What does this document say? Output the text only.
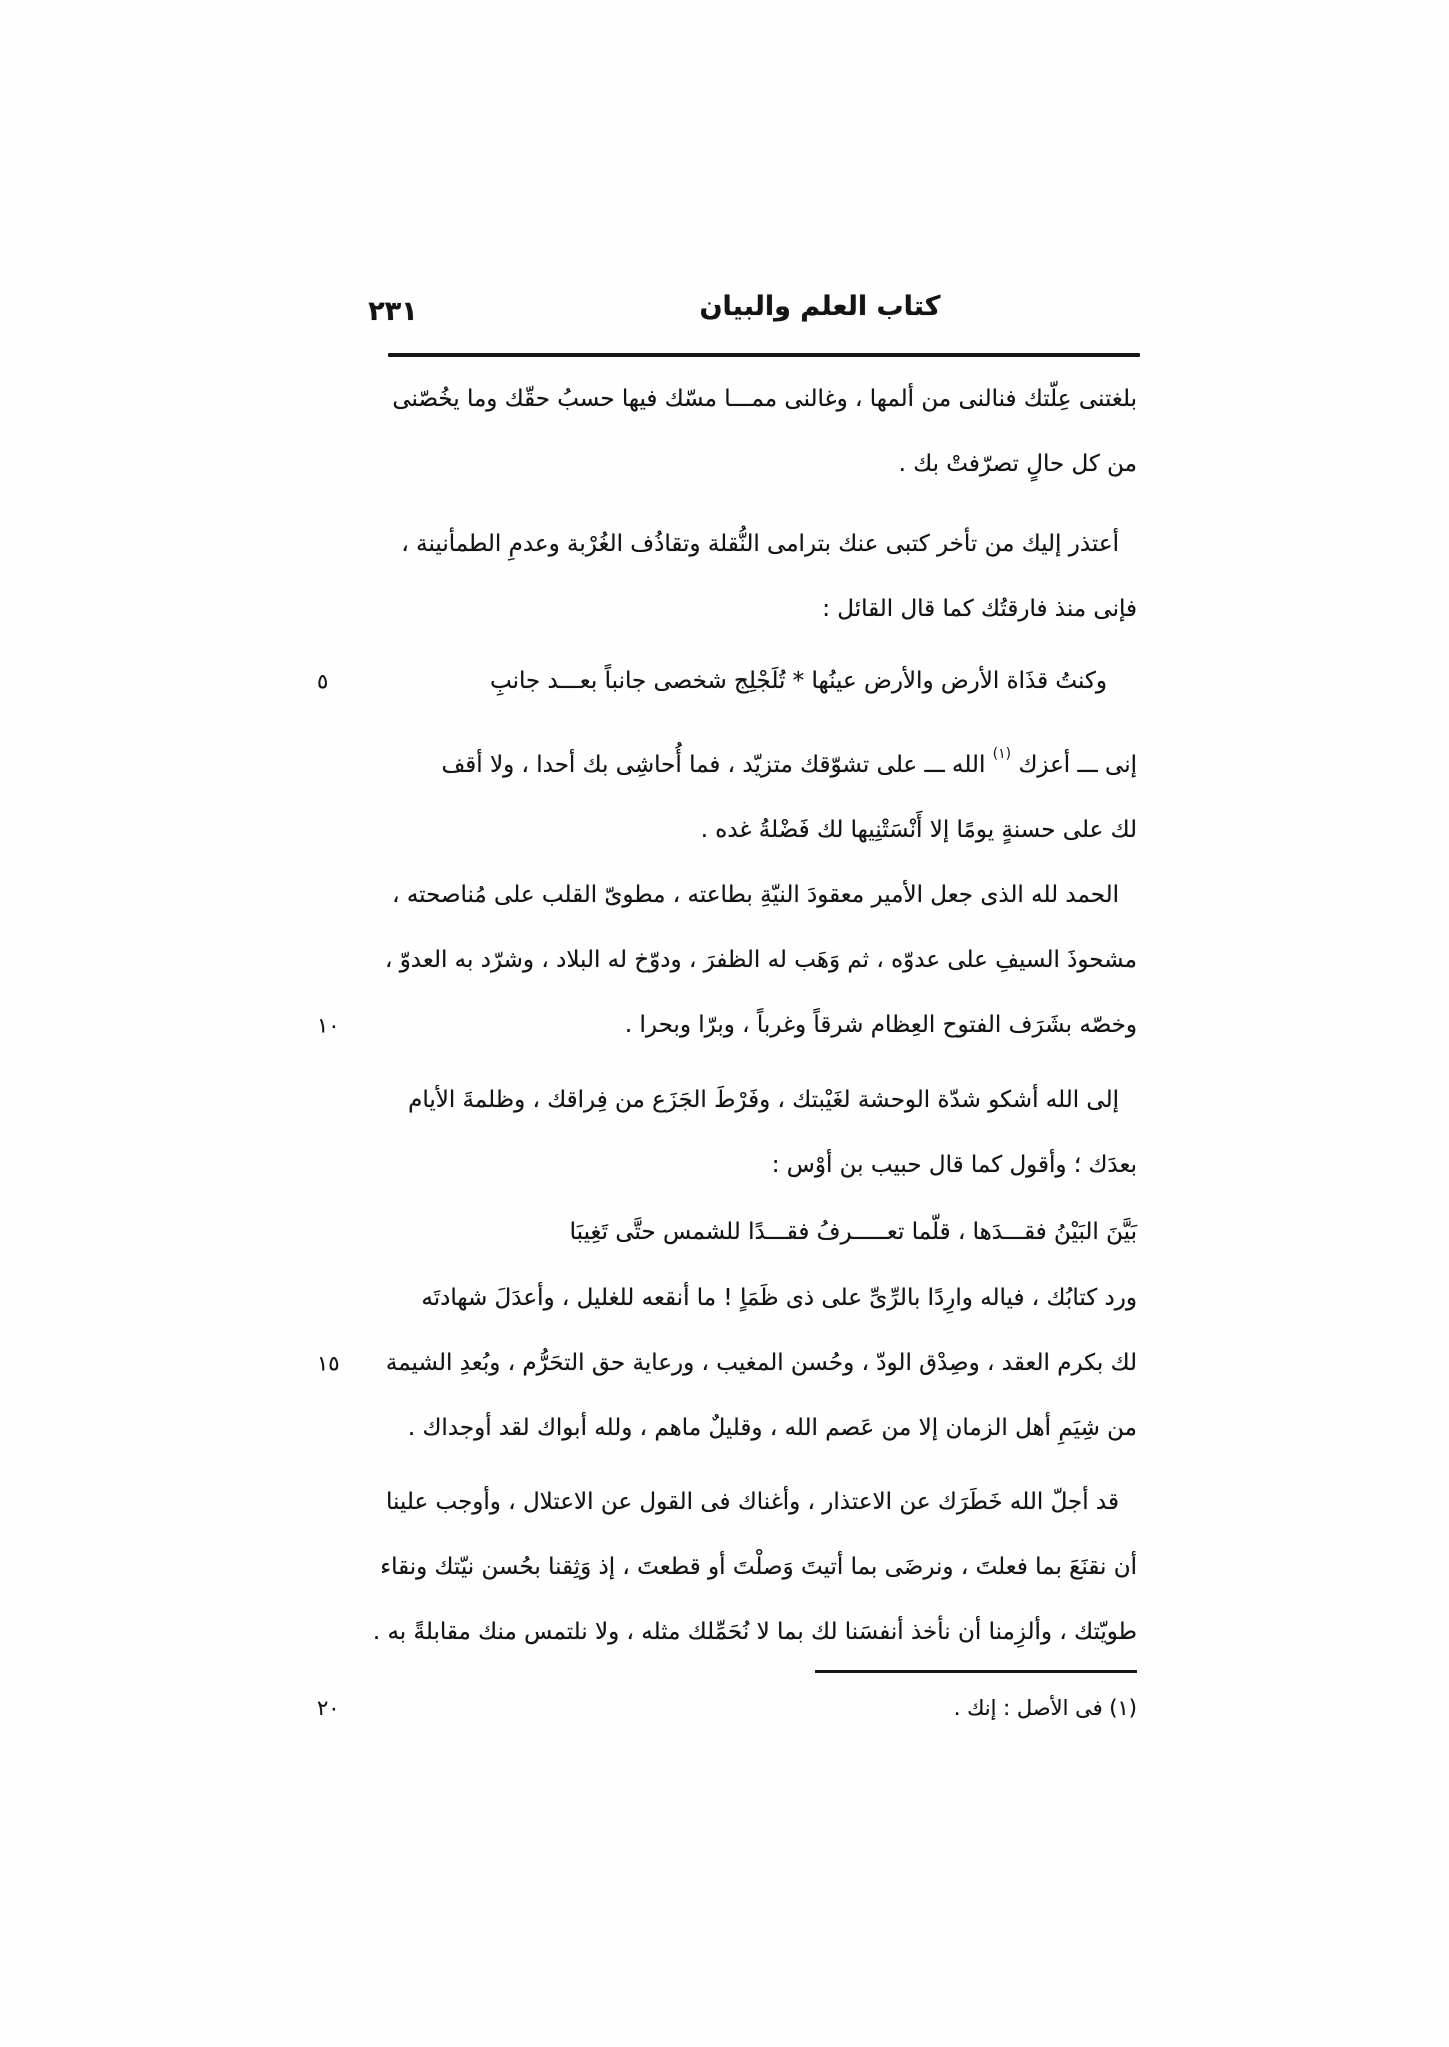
٢٣١	كتاب العلم والبيان
بلغتنى عِلّتك فنالنى من ألمها ، وغالنى ممـــا مسّك فيها حسبُ حقّك وما يخُصّنى
من كل حالٍ تصرّفتْ بك .
أعتذر إليك من تأخر كتبى عنك بترامى النُّقلة وتقاذُف الغُرْبة وعدمِ الطمأنينة ،
فإنى منذ فارقتُك كما قال القائل :
٥	وكنتُ قذَاة الأرض والأرض عينُها * تُلَجْلِج شخصى جانباً بعـــد جانبِ
إنى ـــ أعزك (١) الله ـــ على تشوّقك متزيّد ، فما أُحاشِى بك أحدا ، ولا أقف
لك على حسنةٍ يومًا إلا أَنْسَتْنِيها لك فَضْلةُ غده .
الحمد لله الذى جعل الأمير معقودَ النيّةِ بطاعته ، مطوىّ القلب على مُناصحته ،
مشحوذَ السيفِ على عدوّه ، ثم وَهَب له الظفرَ ، ودوّخ له البلاد ، وشرّد به العدوّ ،
١٠	وخصّه بشَرَف الفتوح العِظام شرقاً وغرباً ، وبرّا وبحرا .
إلى الله أشكو شدّة الوحشة لغَيْبتك ، وفَرْطَ الجَزَع من فِراقك ، وظلمةَ الأيام
بعدَك ؛ وأقول كما قال حبيب بن أوْس :
بَيَّنَ البَيْنُ فقـــدَها ، قلّما تعـــــرفُ فقـــدًا للشمس حتَّى تَغِيبَا
ورد كتابُك ، فياله وارِدًا بالرِّىِّ على ذى ظَمَاٍ ! ما أنقعه للغليل ، وأعدَلَ شهادتَه
١٥ لك بكرم العقد ، وصِدْق الودّ ، وحُسن المغيب ، ورعاية حق التحَرُّم ، وبُعدِ الشيمة
من شِيَمِ أهل الزمان إلا من عَصم الله ، وقليلٌ ماهم ، ولله أبواك لقد أوجداك .
قد أجلّ الله خَطَرَك عن الاعتذار ، وأغناك فى القول عن الاعتلال ، وأوجب علينا
أن نقنَعَ بما فعلتَ ، ونرضَى بما أتيتَ وَصلْتَ أو قطعتَ ، إذ وَثِقنا بحُسن نيّتك ونقاء
طويّتك ، وألزِمنا أن نأخذ أنفسَنا لك بما لا نُحَمِّلك مثله ، ولا نلتمس منك مقابلةً به .
٢٠	(١) فى الأصل : إنك .
